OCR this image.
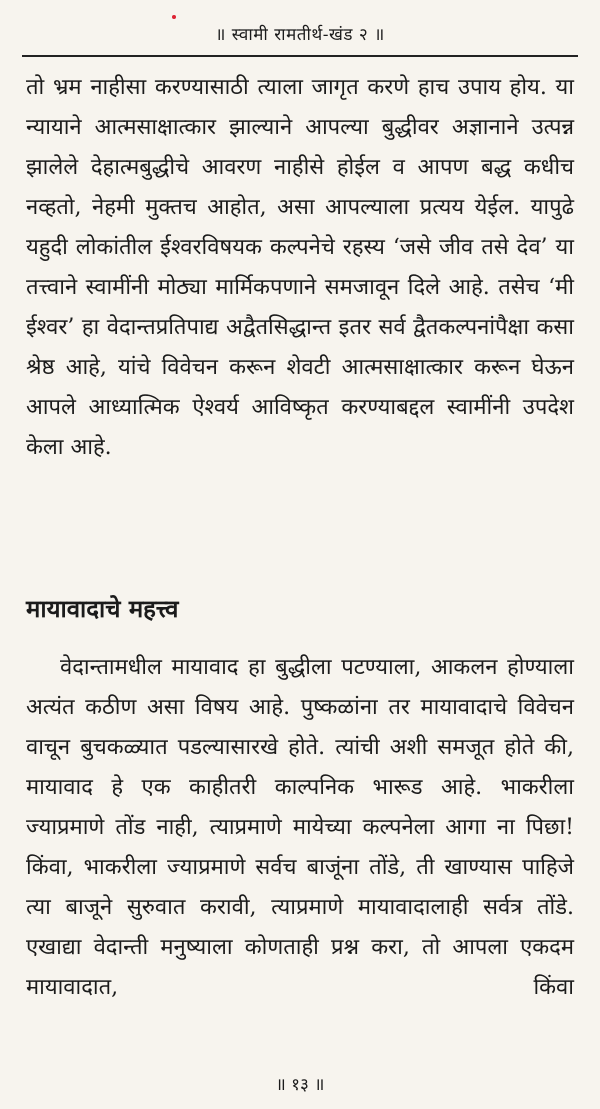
॥ स्वामी रामतीर्थ-खंड २ ॥
तो भ्रम नाहीसा करण्यासाठी त्याला जागृत करणे हाच उपाय होय. या न्यायाने आत्मसाक्षात्कार झाल्याने आपल्या बुद्धीवर अज्ञानाने उत्पन्न झालेले देहात्मबुद्धीचे आवरण नाहीसे होईल व आपण बद्ध कधीच नव्हतो, नेहमी मुक्तच आहोत, असा आपल्याला प्रत्यय येईल. यापुढे यहुदी लोकांतील ईश्वरविषयक कल्पनेचे रहस्य ‘जसे जीव तसे देव’ या तत्त्वाने स्वामींनी मोठ्या मार्मिकपणाने समजावून दिले आहे. तसेच ‘मी ईश्वर’ हा वेदान्तप्रतिपाद्य अद्वैतसिद्धान्त इतर सर्व द्वैतकल्पनांपैक्षा कसा श्रेष्ठ आहे, यांचे विवेचन करून शेवटी आत्मसाक्षात्कार करून घेऊन आपले आध्यात्मिक ऐश्वर्य आविष्कृत करण्याबद्दल स्वामींनी उपदेश केला आहे.
मायावादाचे महत्त्व
वेदान्तामधील मायावाद हा बुद्धीला पटण्याला, आकलन होण्याला अत्यंत कठीण असा विषय आहे. पुष्कळांना तर मायावादाचे विवेचन वाचून बुचकळ्यात पडल्यासारखे होते. त्यांची अशी समजूत होते की, मायावाद हे एक काहीतरी काल्पनिक भारूड आहे. भाकरीला ज्याप्रमाणे तोंड नाही, त्याप्रमाणे मायेच्या कल्पनेला आगा ना पिछा! किंवा, भाकरीला ज्याप्रमाणे सर्वच बाजूंना तोंडे, ती खाण्यास पाहिजे त्या बाजूने सुरुवात करावी, त्याप्रमाणे मायावादालाही सर्वत्र तोंडे. एखाद्या वेदान्ती मनुष्याला कोणताही प्रश्न करा, तो आपला एकदम मायावादात, किंवा
॥ १३ ॥
